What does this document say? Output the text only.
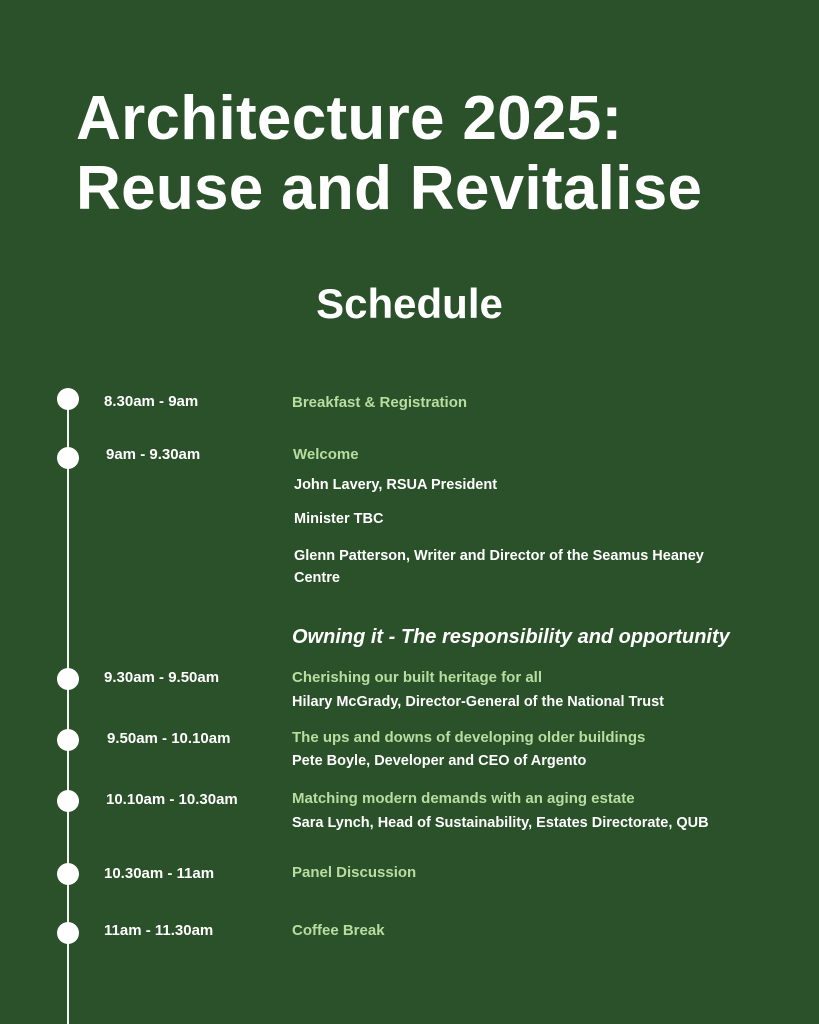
Architecture 2025:
Reuse and Revitalise
Schedule
8.30am - 9am	Breakfast & Registration
9am - 9.30am	Welcome
John Lavery, RSUA President
Minister TBC
Glenn Patterson, Writer and Director of the Seamus Heaney Centre
Owning it - The responsibility and opportunity
9.30am - 9.50am	Cherishing our built heritage for all
Hilary McGrady, Director-General of the National Trust
9.50am - 10.10am	The ups and downs of developing older buildings
Pete Boyle, Developer and CEO of Argento
10.10am - 10.30am	Matching modern demands with an aging estate
Sara Lynch, Head of Sustainability, Estates Directorate, QUB
10.30am - 11am	Panel Discussion
11am - 11.30am	Coffee Break
